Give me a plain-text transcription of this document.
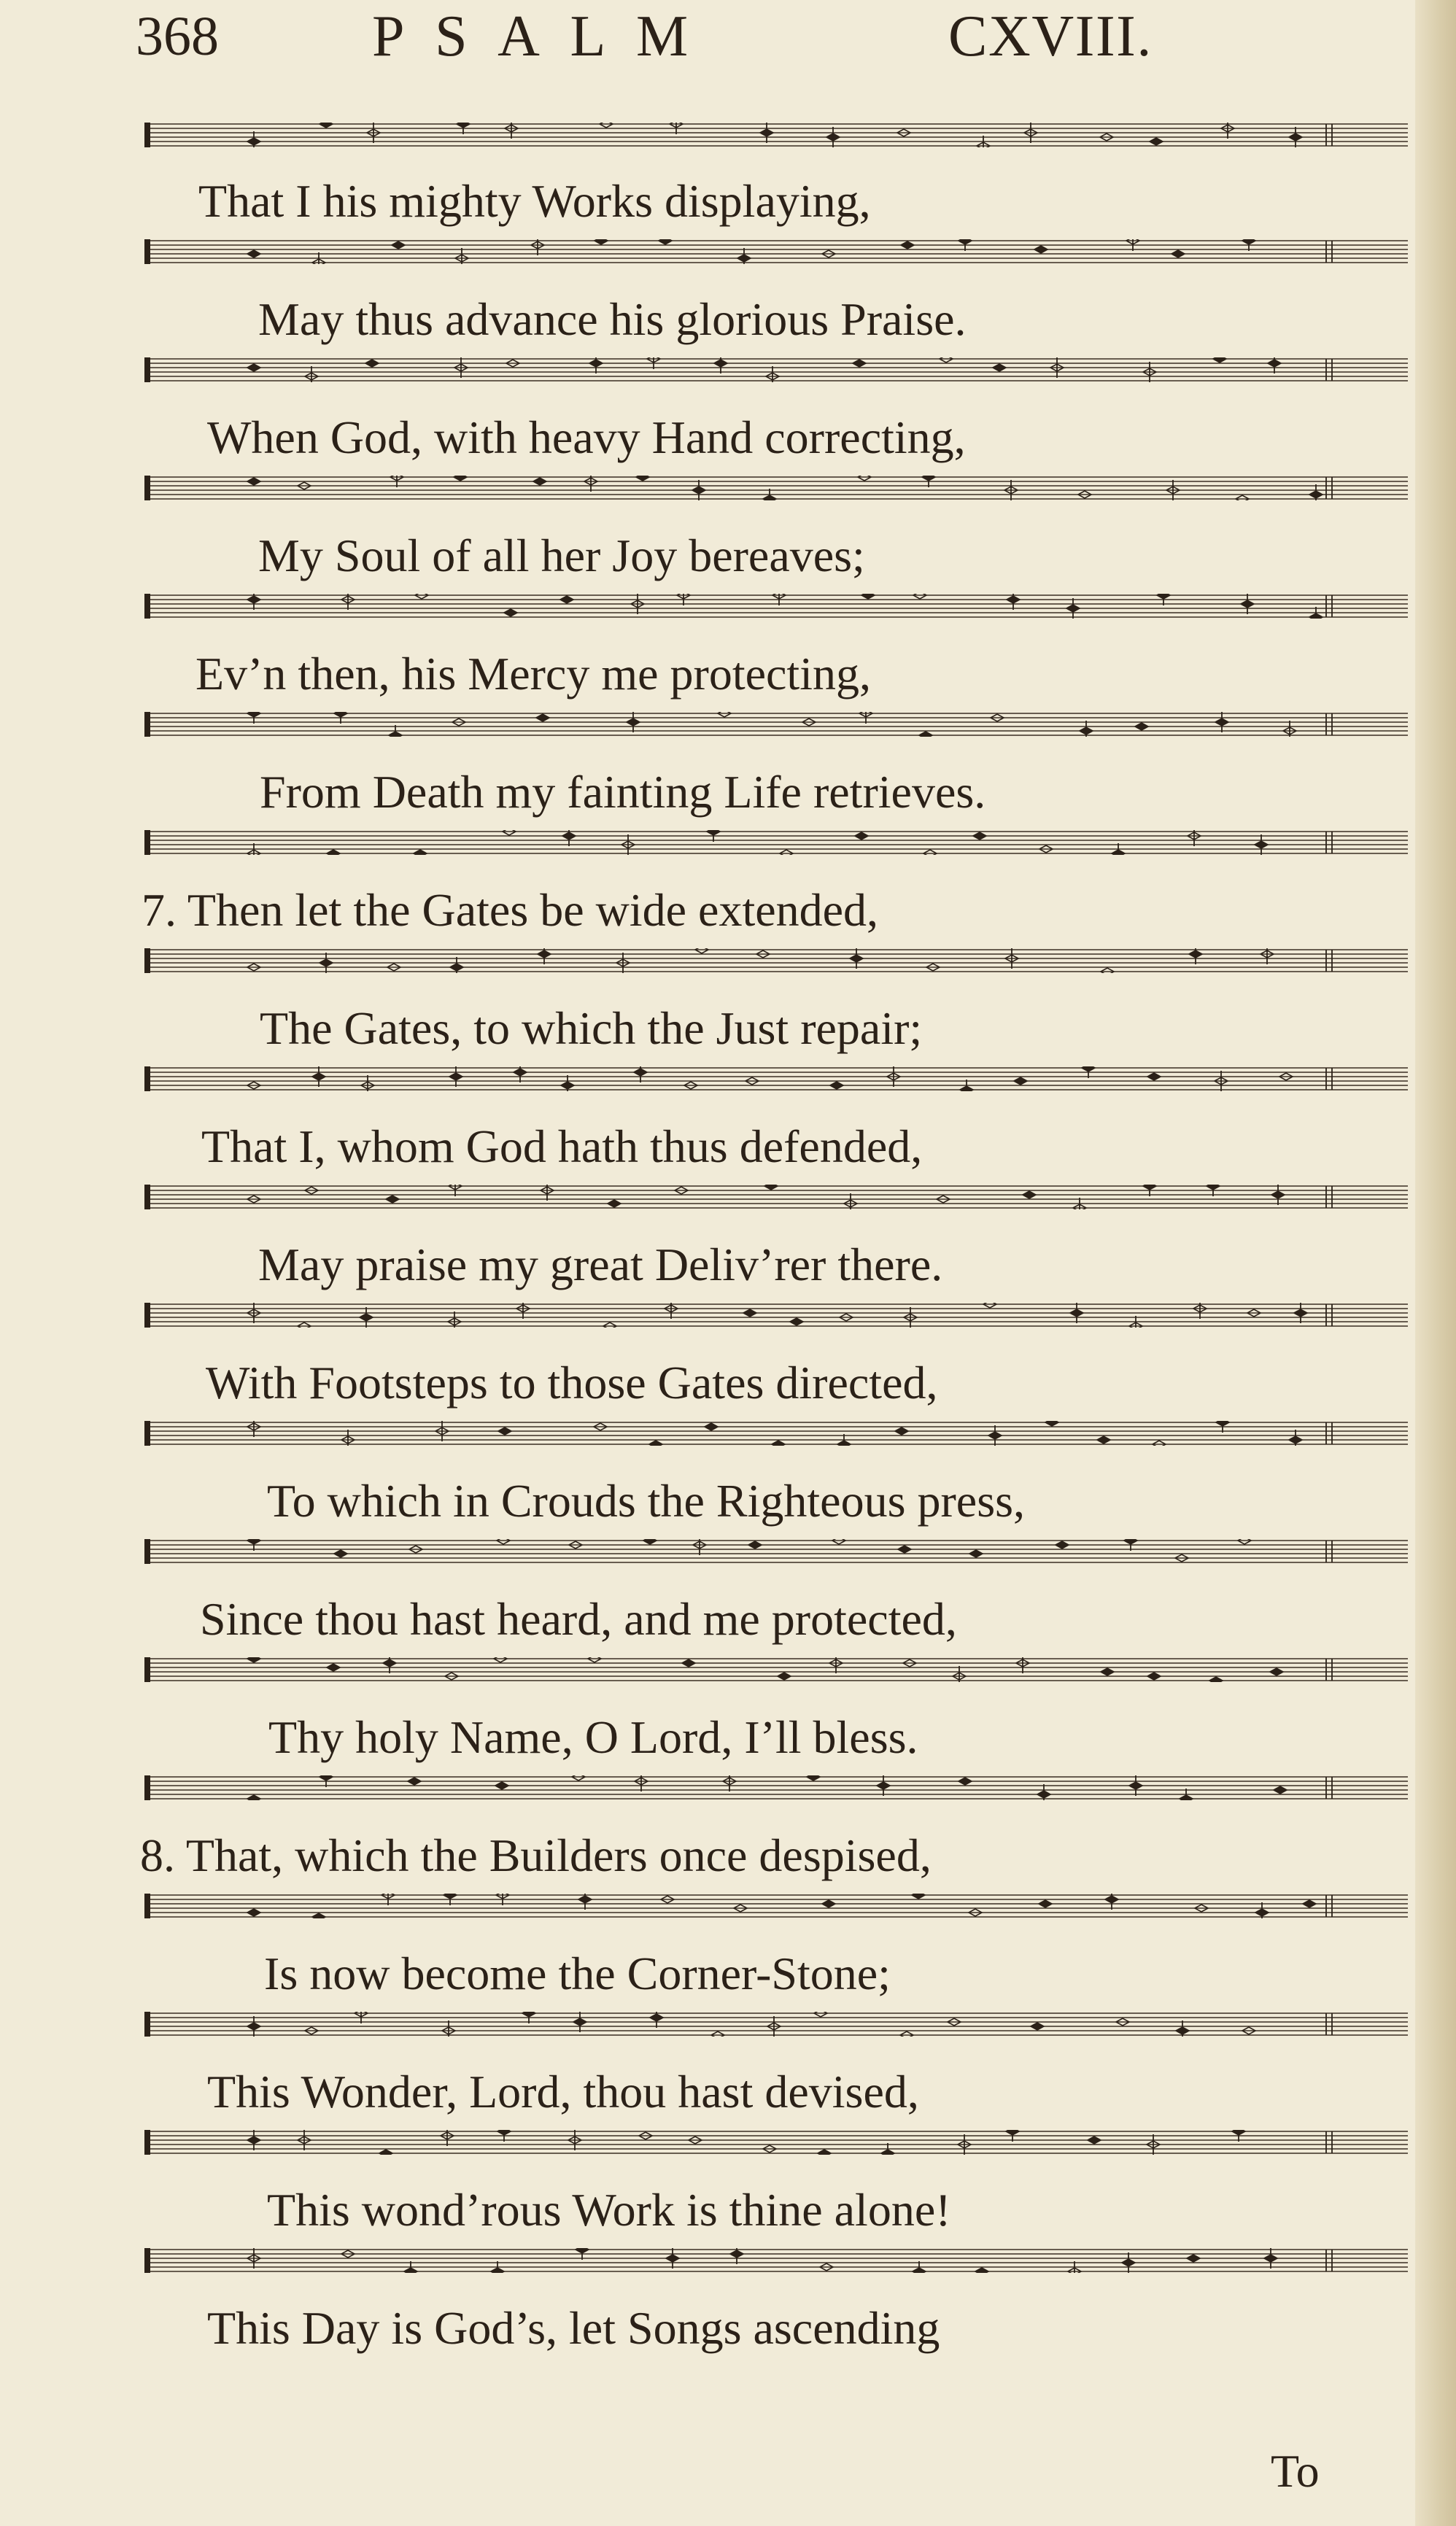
368	PSALM	CXVIII.
That I his mighty Works displaying,
May thus advance his glorious Praise.
When God, with heavy Hand correcting,
My Soul of all her Joy bereaves;
Ev’n then, his Mercy me protecting,
From Death my fainting Life retrieves.
7. Then let the Gates be wide extended,
The Gates, to which the Just repair;
That I, whom God hath thus defended,
May praise my great Deliv’rer there.
With Footsteps to those Gates directed,
To which in Crouds the Righteous press,
Since thou hast heard, and me protected,
Thy holy Name, O Lord, I’ll bless.
8. That, which the Builders once despised,
Is now become the Corner-Stone;
This Wonder, Lord, thou hast devised,
This wond’rous Work is thine alone!
This Day is God’s, let Songs ascending
To
